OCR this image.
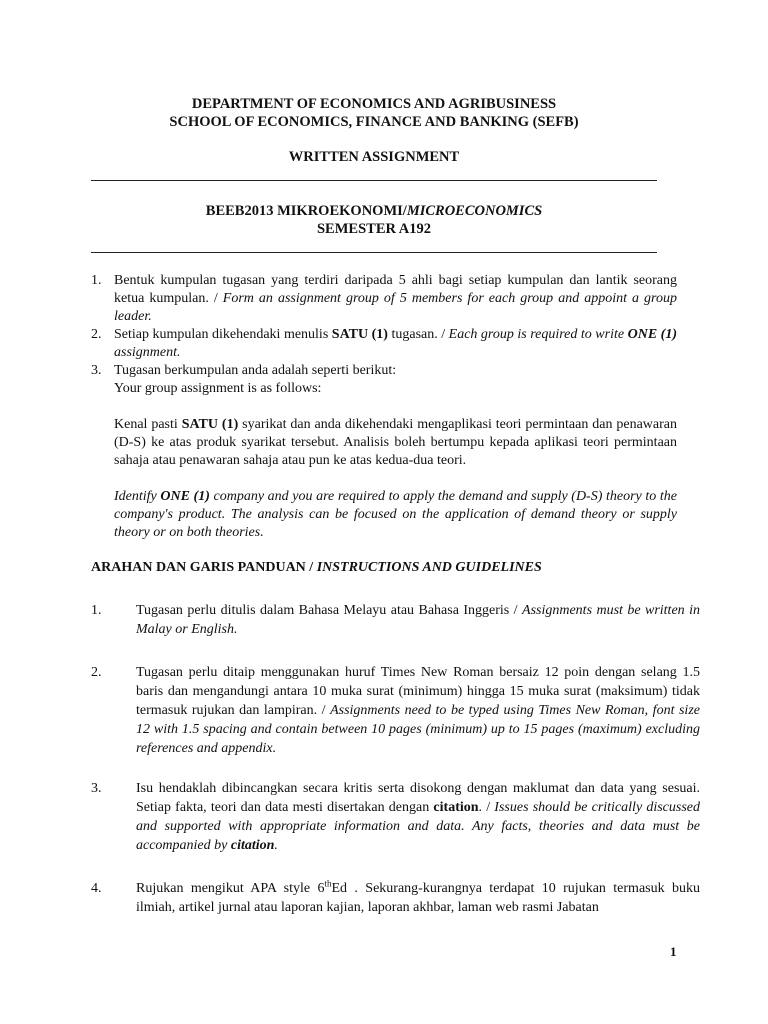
DEPARTMENT OF ECONOMICS AND AGRIBUSINESS
SCHOOL OF ECONOMICS, FINANCE AND BANKING (SEFB)
WRITTEN ASSIGNMENT
BEEB2013 MIKROEKONOMI/MICROECONOMICS
SEMESTER A192
1. Bentuk kumpulan tugasan yang terdiri daripada 5 ahli bagi setiap kumpulan dan lantik seorang ketua kumpulan. / Form an assignment group of 5 members for each group and appoint a group leader.
2. Setiap kumpulan dikehendaki menulis SATU (1) tugasan. / Each group is required to write ONE (1) assignment.
3. Tugasan berkumpulan anda adalah seperti berikut:
Your group assignment is as follows:
Kenal pasti SATU (1) syarikat dan anda dikehendaki mengaplikasi teori permintaan dan penawaran (D-S) ke atas produk syarikat tersebut. Analisis boleh bertumpu kepada aplikasi teori permintaan sahaja atau penawaran sahaja atau pun ke atas kedua-dua teori.
Identify ONE (1) company and you are required to apply the demand and supply (D-S) theory to the company's product. The analysis can be focused on the application of demand theory or supply theory or on both theories.
ARAHAN DAN GARIS PANDUAN / INSTRUCTIONS AND GUIDELINES
1. Tugasan perlu ditulis dalam Bahasa Melayu atau Bahasa Inggeris / Assignments must be written in Malay or English.
2. Tugasan perlu ditaip menggunakan huruf Times New Roman bersaiz 12 poin dengan selang 1.5 baris dan mengandungi antara 10 muka surat (minimum) hingga 15 muka surat (maksimum) tidak termasuk rujukan dan lampiran. / Assignments need to be typed using Times New Roman, font size 12 with 1.5 spacing and contain between 10 pages (minimum) up to 15 pages (maximum) excluding references and appendix.
3. Isu hendaklah dibincangkan secara kritis serta disokong dengan maklumat dan data yang sesuai. Setiap fakta, teori dan data mesti disertakan dengan citation. / Issues should be critically discussed and supported with appropriate information and data. Any facts, theories and data must be accompanied by citation.
4. Rujukan mengikut APA style 6thEd . Sekurang-kurangnya terdapat 10 rujukan termasuk buku ilmiah, artikel jurnal atau laporan kajian, laporan akhbar, laman web rasmi Jabatan
1
